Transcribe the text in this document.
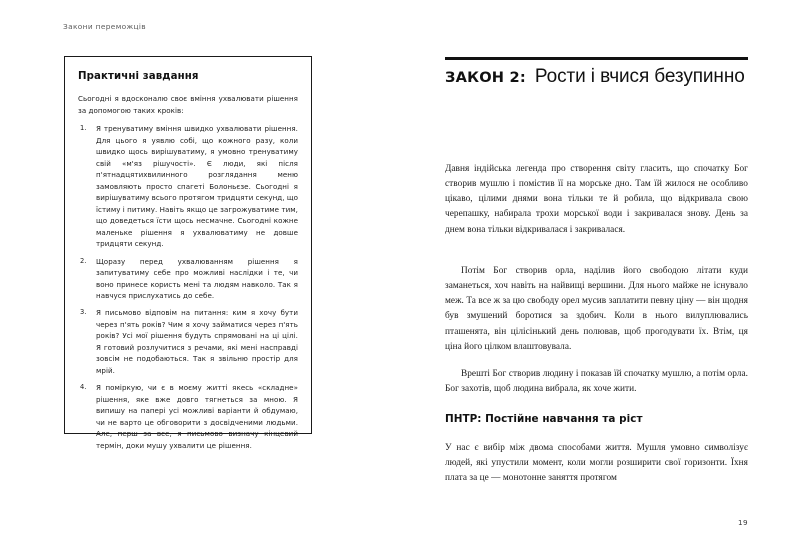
Закони переможців
Практичні завдання

Сьогодні я вдосконалю своє вміння ухвалювати рішення за допомогою таких кроків:

1.	Я тренуватиму вміння швидко ухвалювати рішення. Для цього я уявлю собі, що кожного разу, коли швидко щось вирішуватиму, я умовно тренуватиму свій «м'яз рішучості». Є люди, які після п'ятнадцятихвилинного розглядання меню замовляють просто спагеті Болоньєзе. Сьогодні я вирішуватиму всього протягом тридцяти секунд, що їстиму і питиму. Навіть якщо це загрожуватиме тим, що доведеться їсти щось несмачне. Сьогодні кожне маленьке рішення я ухвалюватиму не довше тридцяти секунд.
2.	Щоразу перед ухвалюванням рішення я запитуватиму себе про можливі наслідки і те, чи воно принесе користь мені та людям навколо. Так я навчуся прислухатись до себе.
3.	Я письмово відповім на питання: ким я хочу бути через п'ять років? Чим я хочу займатися через п'ять років? Усі мої рішення будуть спрямовані на ці цілі. Я готовий розлучитися з речами, які мені насправді зовсім не подобаються. Так я звільню простір для мрій.
4.	Я поміркую, чи є в моєму житті якесь «складне» рішення, яке вже довго тягнеться за мною. Я випишу на папері усі можливі варіанти й обдумаю, чи не варто це обговорити з досвідченими людьми. Але, перш за все, я письмово визначу кінцевий термін, доки мушу ухвалити це рішення.
ЗАКОН 2: Рости і вчися безупинно

Давня індійська легенда про створення світу гласить, що спочатку Бог створив мушлю і помістив її на морське дно. Там їй жилося не особливо цікаво, цілими днями вона тільки те й робила, що відкривала свою черепашку, набирала трохи морської води і закривалася знову. День за днем вона тільки відкривалася і закривалася.

Потім Бог створив орла, наділив його свободою літати куди заманеться, хоч навіть на найвищі вершини. Для нього майже не існувало меж. Та все ж за цю свободу орел мусив заплатити певну ціну — він щодня був змушений боротися за здобич. Коли в нього вилуплювались пташенята, він цілісінький день полював, щоб прогодувати їх. Втім, ця ціна його цілком влаштовувала.

Врешті Бог створив людину і показав їй спочатку мушлю, а потім орла. Бог захотів, щоб людина вибрала, як хоче жити.

ПНТР: Постійне навчання та ріст

У нас є вибір між двома способами життя. Мушля умовно символізує людей, які упустили момент, коли могли розширити свої горизонти. Їхня плата за це — монотонне заняття протягом

19
